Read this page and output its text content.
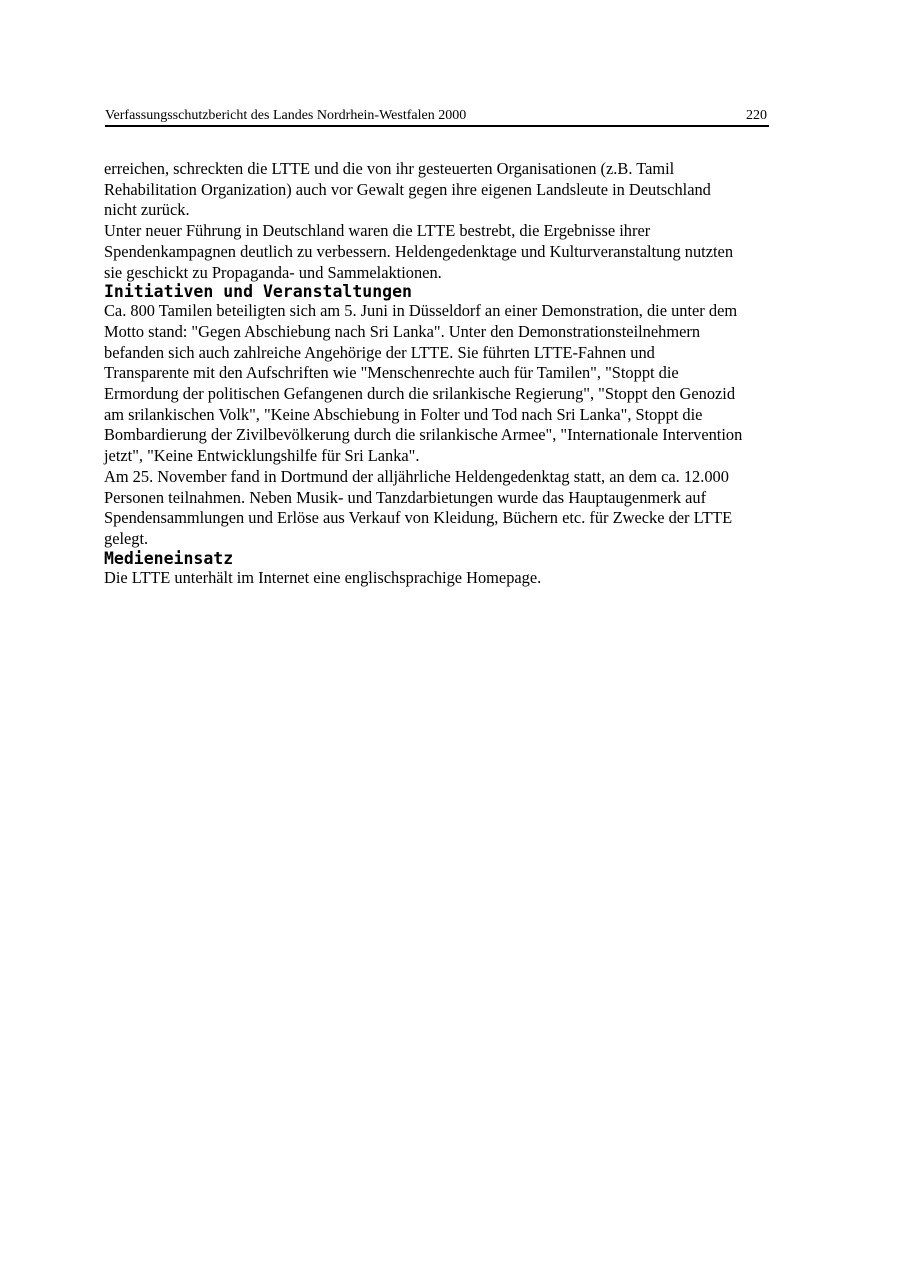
Verfassungsschutzbericht des Landes Nordrhein-Westfalen 2000	220

erreichen, schreckten die LTTE und die von ihr gesteuerten Organisationen (z.B. Tamil
Rehabilitation Organization) auch vor Gewalt gegen ihre eigenen Landsleute in Deutschland
nicht zurück.

Unter neuer Führung in Deutschland waren die LTTE bestrebt, die Ergebnisse ihrer
Spendenkampagnen deutlich zu verbessern. Heldengedenktage und Kulturveranstaltung nutzten
sie geschickt zu Propaganda- und Sammelaktionen.

Initiativen und Veranstaltungen

Ca. 800 Tamilen beteiligten sich am 5. Juni in Düsseldorf an einer Demonstration, die unter dem
Motto stand: "Gegen Abschiebung nach Sri Lanka". Unter den Demonstrationsteilnehmern
befanden sich auch zahlreiche Angehörige der LTTE. Sie führten LTTE-Fahnen und
Transparente mit den Aufschriften wie "Menschenrechte auch für Tamilen", "Stoppt die
Ermordung der politischen Gefangenen durch die srilankische Regierung", "Stoppt den Genozid
am srilankischen Volk", "Keine Abschiebung in Folter und Tod nach Sri Lanka", Stoppt die
Bombardierung der Zivilbevölkerung durch die srilankische Armee", "Internationale Intervention
jetzt", "Keine Entwicklungshilfe für Sri Lanka".

Am 25. November fand in Dortmund der alljährliche Heldengedenktag statt, an dem ca. 12.000
Personen teilnahmen. Neben Musik- und Tanzdarbietungen wurde das Hauptaugenmerk auf
Spendensammlungen und Erlöse aus Verkauf von Kleidung, Büchern etc. für Zwecke der LTTE
gelegt.

Medieneinsatz

Die LTTE unterhält im Internet eine englischsprachige Homepage.
